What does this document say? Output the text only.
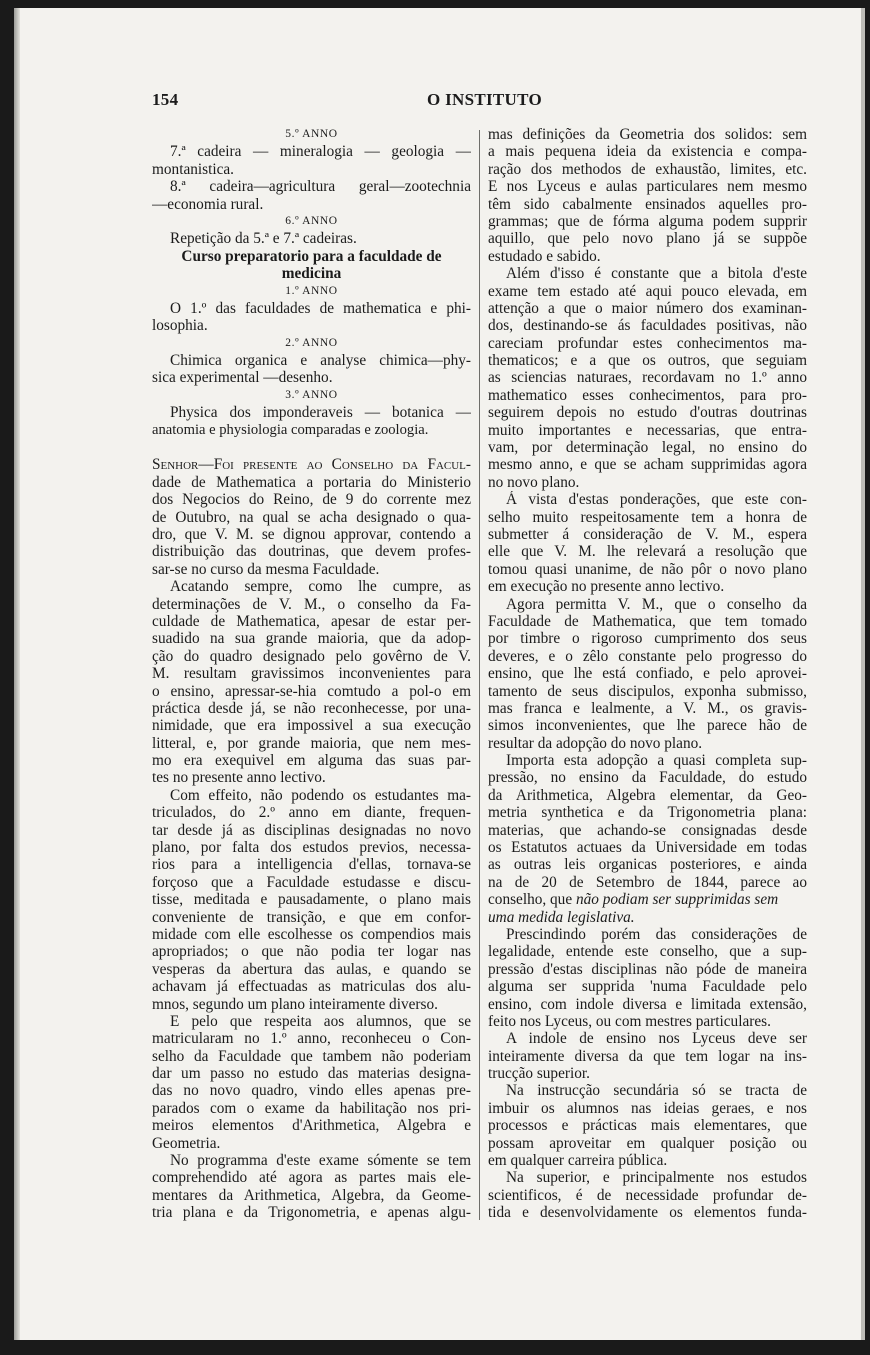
154	O INSTITUTO
5.º ANNO
7.ª cadeira — mineralogia — geologia —
montanistica.
8.ª cadeira—agricultura geral—zootechnia
—economia rural.
6.º ANNO
Repetição da 5.ª e 7.ª cadeiras.
Curso preparatorio para a faculdade de
medicina
1.º ANNO
O 1.º das faculdades de mathematica e phi-
losophia.
2.º ANNO
Chimica organica e analyse chimica—phy-
sica experimental —desenho.
3.º ANNO
Physica dos imponderaveis — botanica —
anatomia e physiologia comparadas e zoologia.
Senhor—Foi presente ao Conselho da Facul-
dade de Mathematica a portaria do Ministerio
dos Negocios do Reino, de 9 do corrente mez
de Outubro, na qual se acha designado o qua-
dro, que V. M. se dignou approvar, contendo a
distribuição das doutrinas, que devem profes-
sar-se no curso da mesma Faculdade.
Acatando sempre, como lhe cumpre, as
determinações de V. M., o conselho da Fa-
culdade de Mathematica, apesar de estar per-
suadido na sua grande maioria, que da adop-
ção do quadro designado pelo govêrno de V.
M. resultam gravissimos inconvenientes para
o ensino, apressar-se-hia comtudo a pol-o em
práctica desde já, se não reconhecesse, por una-
nimidade, que era impossivel a sua execução
litteral, e, por grande maioria, que nem mes-
mo era exequivel em alguma das suas par-
tes no presente anno lectivo.
Com effeito, não podendo os estudantes ma-
triculados, do 2.º anno em diante, frequen-
tar desde já as disciplinas designadas no novo
plano, por falta dos estudos previos, necessa-
rios para a intelligencia d'ellas, tornava-se
forçoso que a Faculdade estudasse e discu-
tisse, meditada e pausadamente, o plano mais
conveniente de transição, e que em confor-
midade com elle escolhesse os compendios mais
apropriados; o que não podia ter logar nas
vesperas da abertura das aulas, e quando se
achavam já effectuadas as matriculas dos alu-
mnos, segundo um plano inteiramente diverso.
E pelo que respeita aos alumnos, que se
matricularam no 1.º anno, reconheceu o Con-
selho da Faculdade que tambem não poderiam
dar um passo no estudo das materias designa-
das no novo quadro, vindo elles apenas pre-
parados com o exame da habilitação nos pri-
meiros elementos d'Arithmetica, Algebra e
Geometria.
No programma d'este exame sómente se tem
comprehendido até agora as partes mais ele-
mentares da Arithmetica, Algebra, da Geome-
tria plana e da Trigonometria, e apenas algu-
mas definições da Geometria dos solidos: sem
a mais pequena ideia da existencia e compa-
ração dos methodos de exhaustão, limites, etc.
E nos Lyceus e aulas particulares nem mesmo
têm sido cabalmente ensinados aquelles pro-
grammas; que de fórma alguma podem supprir
aquillo, que pelo novo plano já se suppõe
estudado e sabido.
Além d'isso é constante que a bitola d'este
exame tem estado até aqui pouco elevada, em
attenção a que o maior número dos examinan-
dos, destinando-se ás faculdades positivas, não
careciam profundar estes conhecimentos ma-
thematicos; e a que os outros, que seguiam
as sciencias naturaes, recordavam no 1.º anno
mathematico esses conhecimentos, para pro-
seguirem depois no estudo d'outras doutrinas
muito importantes e necessarias, que entra-
vam, por determinação legal, no ensino do
mesmo anno, e que se acham supprimidas agora
no novo plano.
Á vista d'estas ponderações, que este con-
selho muito respeitosamente tem a honra de
submetter á consideração de V. M., espera
elle que V. M. lhe relevará a resolução que
tomou quasi unanime, de não pôr o novo plano
em execução no presente anno lectivo.
Agora permitta V. M., que o conselho da
Faculdade de Mathematica, que tem tomado
por timbre o rigoroso cumprimento dos seus
deveres, e o zêlo constante pelo progresso do
ensino, que lhe está confiado, e pelo aprovei-
tamento de seus discipulos, exponha submisso,
mas franca e lealmente, a V. M., os gravis-
simos inconvenientes, que lhe parece hão de
resultar da adopção do novo plano.
Importa esta adopção a quasi completa sup-
pressão, no ensino da Faculdade, do estudo
da Arithmetica, Algebra elementar, da Geo-
metria synthetica e da Trigonometria plana:
materias, que achando-se consignadas desde
os Estatutos actuaes da Universidade em todas
as outras leis organicas posteriores, e ainda
na de 20 de Setembro de 1844, parece ao
conselho, que não podiam ser supprimidas sem
uma medida legislativa.
Prescindindo porém das considerações de
legalidade, entende este conselho, que a sup-
pressão d'estas disciplinas não póde de maneira
alguma ser supprida 'numa Faculdade pelo
ensino, com indole diversa e limitada extensão,
feito nos Lyceus, ou com mestres particulares.
A indole de ensino nos Lyceus deve ser
inteiramente diversa da que tem logar na ins-
trucção superior.
Na instrucção secundária só se tracta de
imbuir os alumnos nas ideias geraes, e nos
processos e prácticas mais elementares, que
possam aproveitar em qualquer posição ou
em qualquer carreira pública.
Na superior, e principalmente nos estudos
scientificos, é de necessidade profundar de-
tida e desenvolvidamente os elementos funda-
